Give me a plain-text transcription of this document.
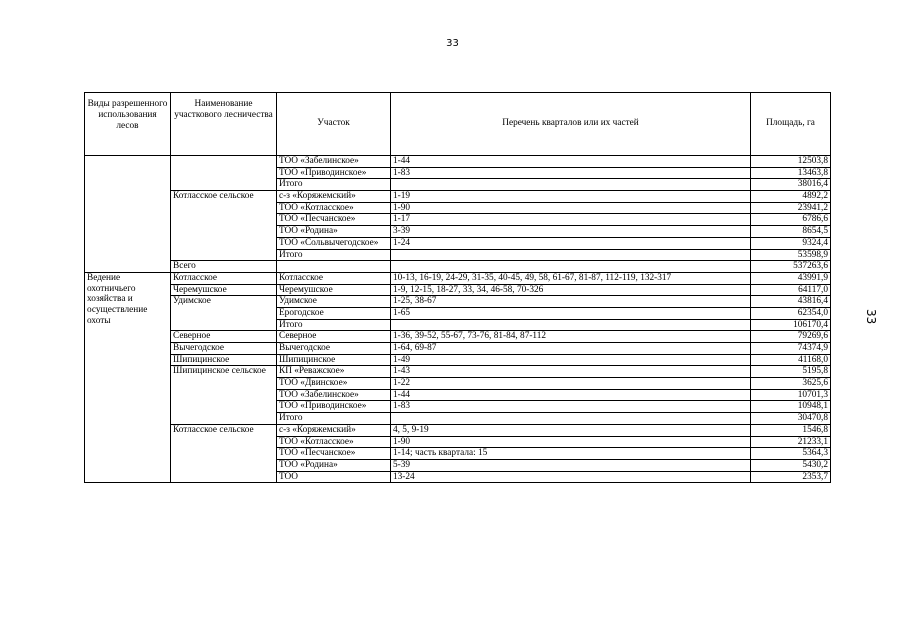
33
33
Виды разрешенного использования лесов	Наименование участкового лесничества	Участок	Перечень кварталов или их частей	Площадь, га
		ТОО «Забелинское»	1-44	12503,8
		ТОО «Приводинское»	1-83	13463,8
		Итого		38016,4
	Котласское сельское	с-з «Коряжемский»	1-19	4892,2
		ТОО «Котласское»	1-90	23941,2
		ТОО «Песчанское»	1-17	6786,6
		ТОО «Родина»	3-39	8654,5
		ТОО «Сольвычегодское»	1-24	9324,4
		Итого		53598,9
	Всего			537263,6
Ведение охотничьего хозяйства и осуществление охоты	Котласское	Котласское	10-13, 16-19, 24-29, 31-35, 40-45, 49, 58, 61-67, 81-87, 112-119, 132-317	43991,9
	Черемушское	Черемушское	1-9, 12-15, 18-27, 33, 34, 46-58, 70-326	64117,0
	Удимское	Удимское	1-25, 38-67	43816,4
		Ерогодское	1-65	62354,0
		Итого		106170,4
	Северное	Северное	1-36, 39-52, 55-67, 73-76, 81-84, 87-112	79269,6
	Вычегодское	Вычегодское	1-64, 69-87	74374,9
	Шипицинское	Шипицинское	1-49	41168,0
	Шипицинское сельское	КП «Реважское»	1-43	5195,8
		ТОО «Двинское»	1-22	3625,6
		ТОО «Забелинское»	1-44	10701,3
		ТОО «Приводинское»	1-83	10948,1
		Итого		30470,8
	Котласское сельское	с-з «Коряжемский»	4, 5, 9-19	1546,8
		ТОО «Котласское»	1-90	21233,1
		ТОО «Песчанское»	1-14; часть квартала: 15	5364,3
		ТОО «Родина»	5-39	5430,2
		ТОО	13-24	2353,7
